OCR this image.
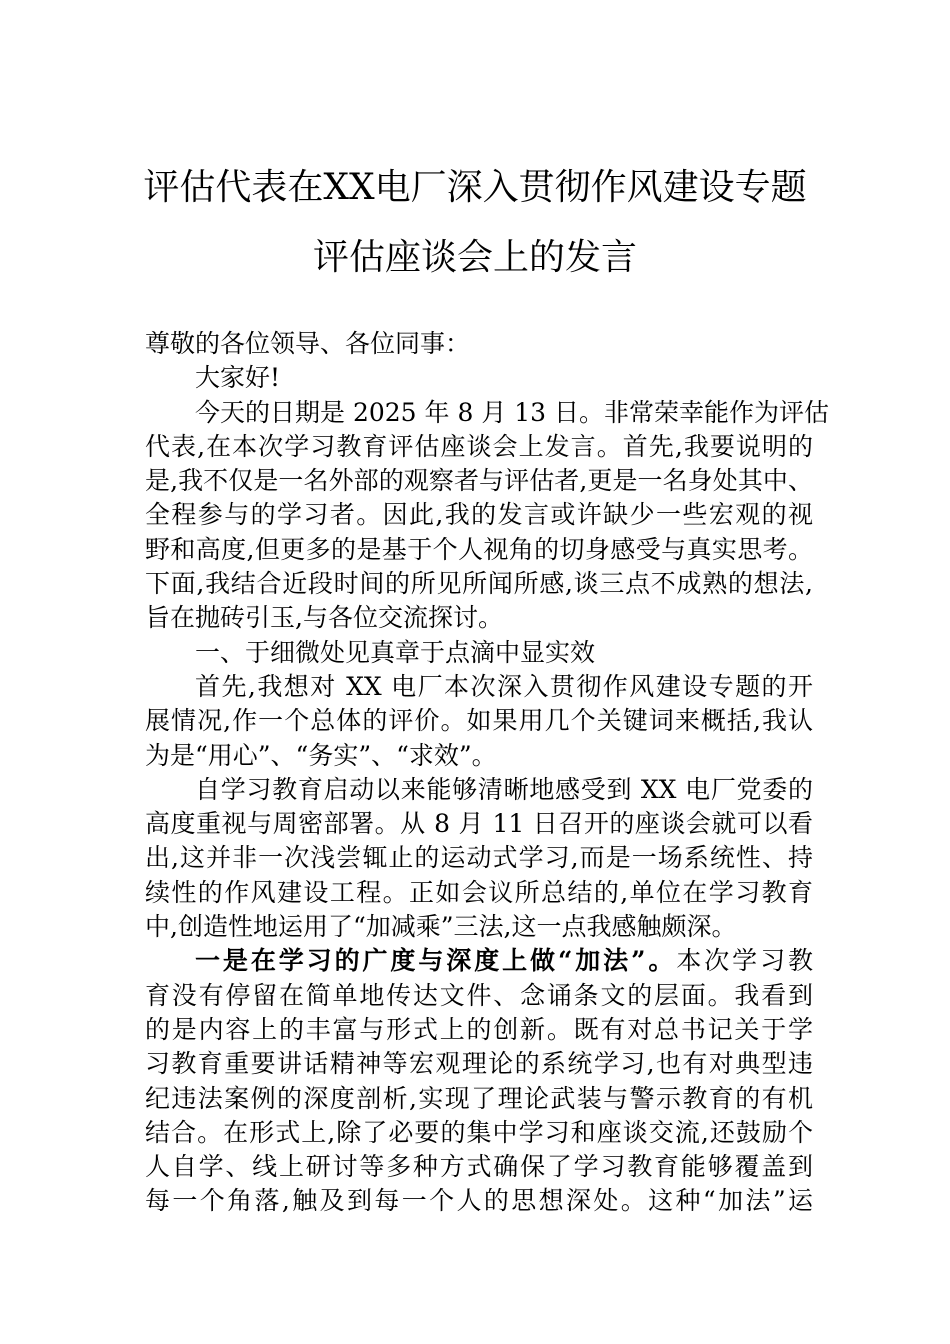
评估代表在XX电厂深入贯彻作风建设专题
评估座谈会上的发言
尊敬的各位领导、各位同事：
大家好!
今天的日期是 2025 年 8 月 13 日。非常荣幸能作为评估
代表,在本次学习教育评估座谈会上发言。首先,我要说明的
是,我不仅是一名外部的观察者与评估者,更是一名身处其中、
全程参与的学习者。因此,我的发言或许缺少一些宏观的视
野和高度,但更多的是基于个人视角的切身感受与真实思考。
下面,我结合近段时间的所见所闻所感,谈三点不成熟的想法,
旨在抛砖引玉,与各位交流探讨。
一、于细微处见真章于点滴中显实效
首先,我想对 XX 电厂本次深入贯彻作风建设专题的开
展情况,作一个总体的评价。如果用几个关键词来概括,我认
为是“用心”、“务实”、“求效”。
自学习教育启动以来能够清晰地感受到 XX 电厂党委的
高度重视与周密部署。从 8 月 11 日召开的座谈会就可以看
出,这并非一次浅尝辄止的运动式学习,而是一场系统性、持
续性的作风建设工程。正如会议所总结的,单位在学习教育
中,创造性地运用了“加减乘”三法,这一点我感触颇深。
一是在学习的广度与深度上做“加法”。本次学习教
育没有停留在简单地传达文件、念诵条文的层面。我看到
的是内容上的丰富与形式上的创新。既有对总书记关于学
习教育重要讲话精神等宏观理论的系统学习,也有对典型违
纪违法案例的深度剖析,实现了理论武装与警示教育的有机
结合。在形式上,除了必要的集中学习和座谈交流,还鼓励个
人自学、线上研讨等多种方式确保了学习教育能够覆盖到
每一个角落,触及到每一个人的思想深处。这种“加法”运
